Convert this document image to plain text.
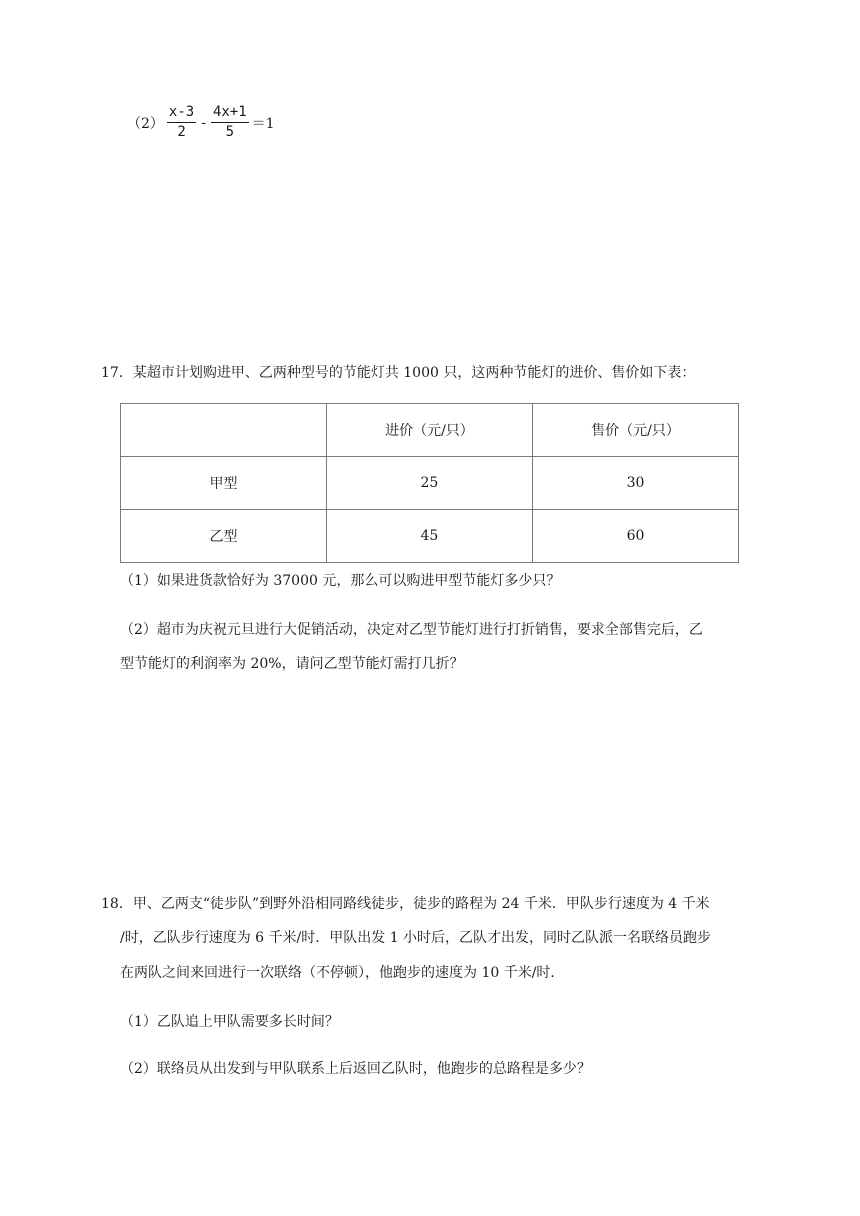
$(2) \frac{x-3}{2} - \frac{4x+1}{5} =1$
17．某超市计划购进甲、乙两种型号的节能灯共 1000 只，这两种节能灯的进价、售价如下表：
	进价（元/只）	售价（元/只）
甲型	25	30
乙型	45	60
（1）如果进货款恰好为 37000 元，那么可以购进甲型节能灯多少只？
（2）超市为庆祝元旦进行大促销活动，决定对乙型节能灯进行打折销售，要求全部售完后，乙
型节能灯的利润率为 20%，请问乙型节能灯需打几折？
18．甲、乙两支“徒步队”到野外沿相同路线徒步，徒步的路程为 24 千米．甲队步行速度为 4 千米
/时，乙队步行速度为 6 千米/时．甲队出发 1 小时后，乙队才出发，同时乙队派一名联络员跑步
在两队之间来回进行一次联络（不停顿），他跑步的速度为 10 千米/时．
（1）乙队追上甲队需要多长时间？
（2）联络员从出发到与甲队联系上后返回乙队时，他跑步的总路程是多少？
